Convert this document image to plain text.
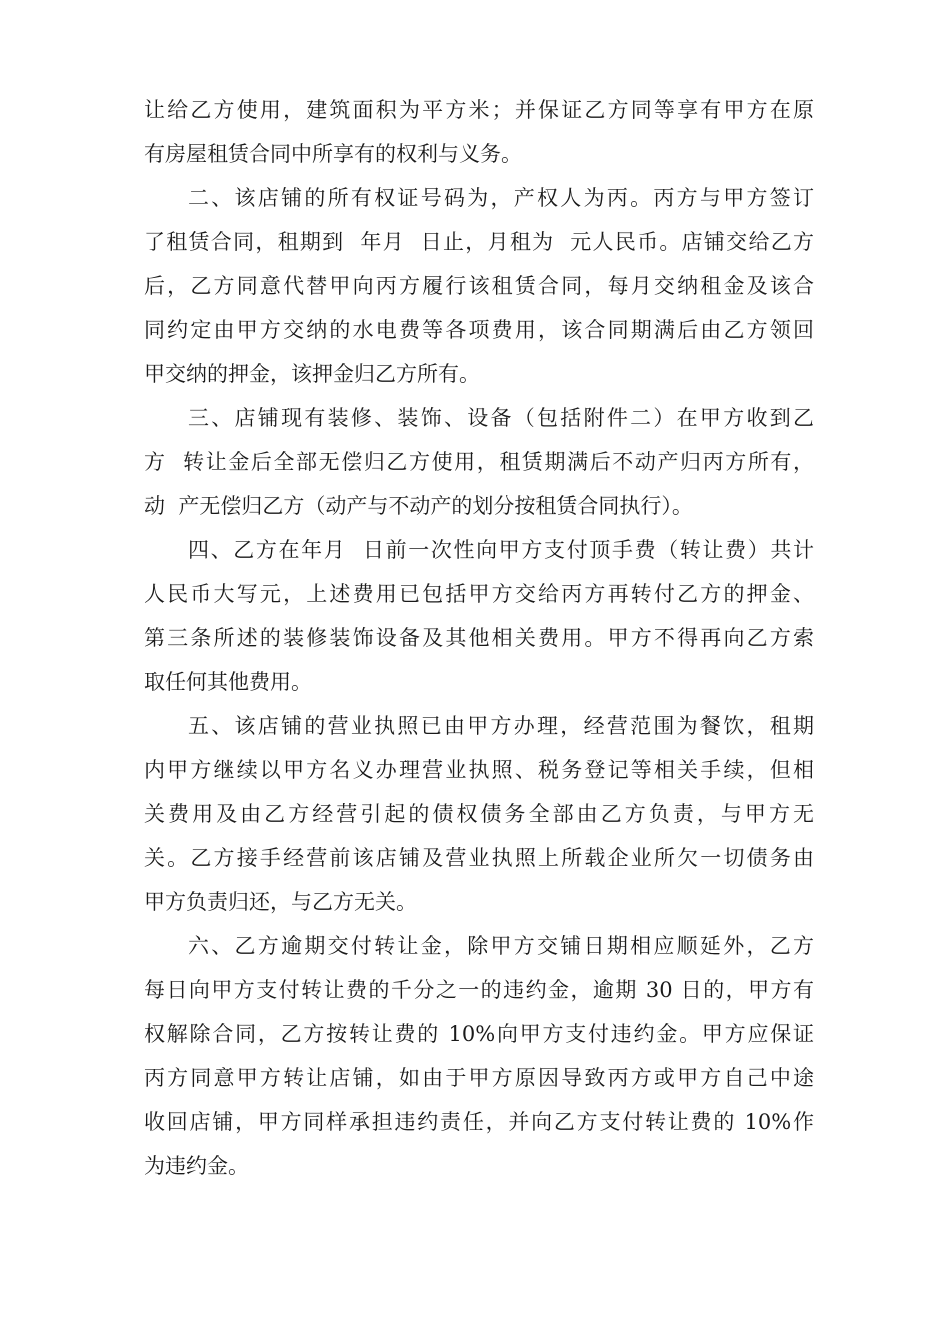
让给乙方使用，建筑面积为平方米；并保证乙方同等享有甲方在原
有房屋租赁合同中所享有的权利与义务。
二、该店铺的所有权证号码为，产权人为丙。丙方与甲方签订
了租赁合同，租期到  年月  日止，月租为  元人民币。店铺交给乙方
后，乙方同意代替甲向丙方履行该租赁合同，每月交纳租金及该合
同约定由甲方交纳的水电费等各项费用，该合同期满后由乙方领回
甲交纳的押金，该押金归乙方所有。
三、店铺现有装修、装饰、设备（包括附件二）在甲方收到乙
方  转让金后全部无偿归乙方使用，租赁期满后不动产归丙方所有，
动  产无偿归乙方（动产与不动产的划分按租赁合同执行）。
四、乙方在年月  日前一次性向甲方支付顶手费（转让费）共计
人民币大写元，上述费用已包括甲方交给丙方再转付乙方的押金、
第三条所述的装修装饰设备及其他相关费用。甲方不得再向乙方索
取任何其他费用。
五、该店铺的营业执照已由甲方办理，经营范围为餐饮，租期
内甲方继续以甲方名义办理营业执照、税务登记等相关手续，但相
关费用及由乙方经营引起的债权债务全部由乙方负责，与甲方无
关。乙方接手经营前该店铺及营业执照上所载企业所欠一切债务由
甲方负责归还，与乙方无关。
六、乙方逾期交付转让金，除甲方交铺日期相应顺延外，乙方
每日向甲方支付转让费的千分之一的违约金，逾期 30 日的，甲方有
权解除合同，乙方按转让费的 10%向甲方支付违约金。甲方应保证
丙方同意甲方转让店铺，如由于甲方原因导致丙方或甲方自己中途
收回店铺，甲方同样承担违约责任，并向乙方支付转让费的 10%作
为违约金。
